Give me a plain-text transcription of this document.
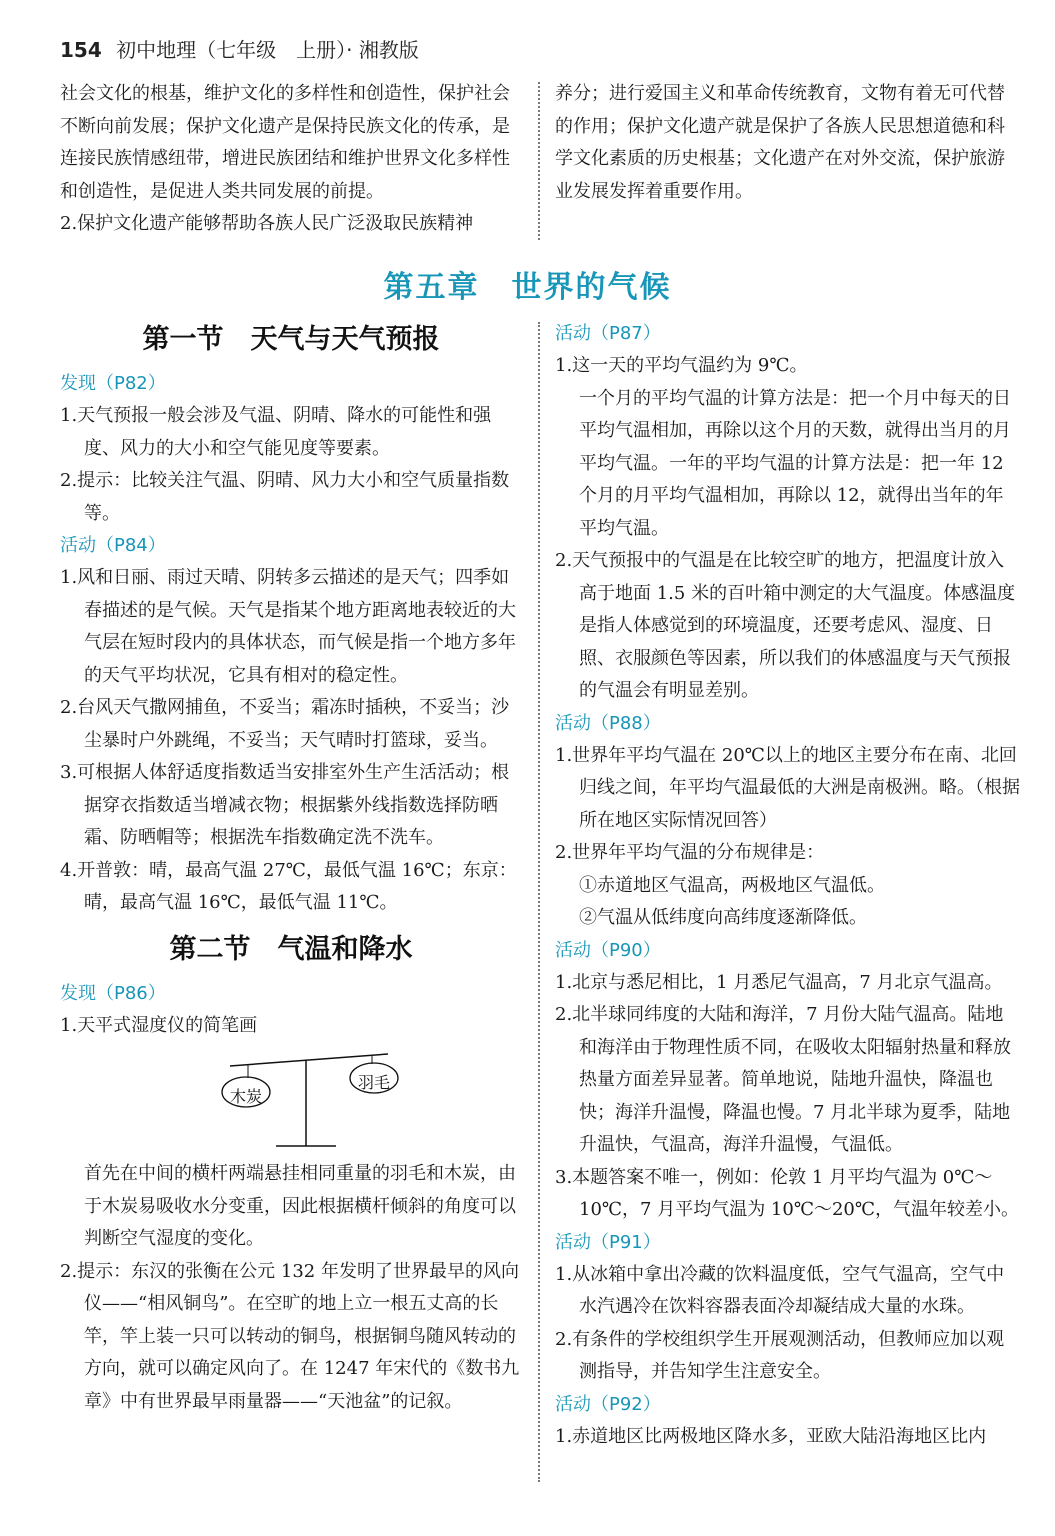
154 初中地理（七年级　上册）· 湘教版

社会文化的根基，维护文化的多样性和创造性，保护社会不断向前发展；保护文化遗产是保持民族文化的传承，是连接民族情感纽带，增进民族团结和维护世界文化多样性和创造性，是促进人类共同发展的前提。

2.保护文化遗产能够帮助各族人民广泛汲取民族精神

养分；进行爱国主义和革命传统教育，文物有着无可代替的作用；保护文化遗产就是保护了各族人民思想道德和科学文化素质的历史根基；文化遗产在对外交流，保护旅游业发展发挥着重要作用。

第五章　世界的气候

第一节　天气与天气预报

发现（P82）

1.天气预报一般会涉及气温、阴晴、降水的可能性和强度、风力的大小和空气能见度等要素。

2.提示：比较关注气温、阴晴、风力大小和空气质量指数等。

活动（P84）

1.风和日丽、雨过天晴、阴转多云描述的是天气；四季如春描述的是气候。天气是指某个地方距离地表较近的大气层在短时段内的具体状态，而气候是指一个地方多年的天气平均状况，它具有相对的稳定性。

2.台风天气撒网捕鱼，不妥当；霜冻时插秧，不妥当；沙尘暴时户外跳绳，不妥当；天气晴时打篮球，妥当。

3.可根据人体舒适度指数适当安排室外生产生活活动；根据穿衣指数适当增减衣物；根据紫外线指数选择防晒霜、防晒帽等；根据洗车指数确定洗不洗车。

4.开普敦：晴，最高气温 27℃，最低气温 16℃；东京：晴，最高气温 16℃，最低气温 11℃。

第二节　气温和降水

发现（P86）

1.天平式湿度仪的简笔画

木炭
羽毛

首先在中间的横杆两端悬挂相同重量的羽毛和木炭，由于木炭易吸收水分变重，因此根据横杆倾斜的角度可以判断空气湿度的变化。

2.提示：东汉的张衡在公元 132 年发明了世界最早的风向仪——“相风铜鸟”。在空旷的地上立一根五丈高的长竿，竿上装一只可以转动的铜鸟，根据铜鸟随风转动的方向，就可以确定风向了。在 1247 年宋代的《数书九章》中有世界最早雨量器——“天池盆”的记叙。

活动（P87）

1.这一天的平均气温约为 9℃。

一个月的平均气温的计算方法是：把一个月中每天的日平均气温相加，再除以这个月的天数，就得出当月的月平均气温。一年的平均气温的计算方法是：把一年 12 个月的月平均气温相加，再除以 12，就得出当年的年平均气温。

2.天气预报中的气温是在比较空旷的地方，把温度计放入高于地面 1.5 米的百叶箱中测定的大气温度。体感温度是指人体感觉到的环境温度，还要考虑风、湿度、日照、衣服颜色等因素，所以我们的体感温度与天气预报的气温会有明显差别。

活动（P88）

1.世界年平均气温在 20℃以上的地区主要分布在南、北回归线之间，年平均气温最低的大洲是南极洲。略。（根据所在地区实际情况回答）

2.世界年平均气温的分布规律是：

①赤道地区气温高，两极地区气温低。

②气温从低纬度向高纬度逐渐降低。

活动（P90）

1.北京与悉尼相比，1 月悉尼气温高，7 月北京气温高。

2.北半球同纬度的大陆和海洋，7 月份大陆气温高。陆地和海洋由于物理性质不同，在吸收太阳辐射热量和释放热量方面差异显著。简单地说，陆地升温快，降温也快；海洋升温慢，降温也慢。7 月北半球为夏季，陆地升温快，气温高，海洋升温慢，气温低。

3.本题答案不唯一，例如：伦敦 1 月平均气温为 0℃～10℃，7 月平均气温为 10℃～20℃，气温年较差小。

活动（P91）

1.从冰箱中拿出冷藏的饮料温度低，空气气温高，空气中水汽遇冷在饮料容器表面冷却凝结成大量的水珠。

2.有条件的学校组织学生开展观测活动，但教师应加以观测指导，并告知学生注意安全。

活动（P92）

1.赤道地区比两极地区降水多，亚欧大陆沿海地区比内
